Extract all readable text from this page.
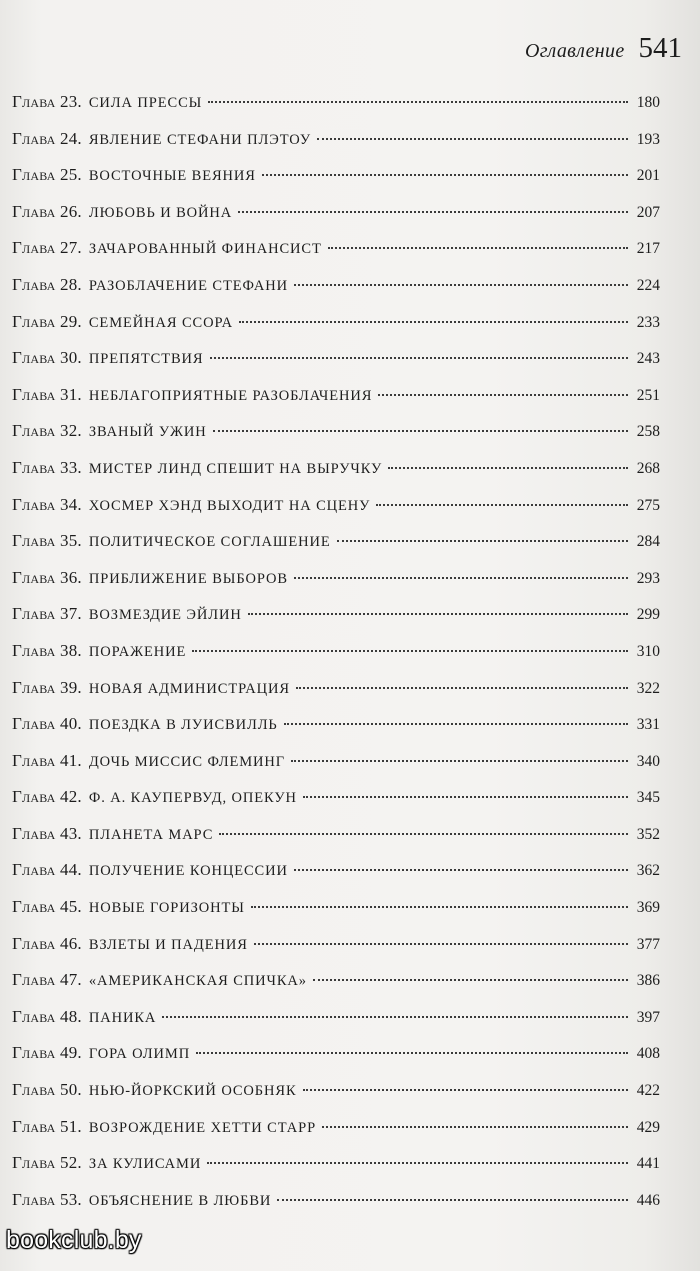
Оглавление 541
Глава 23. СИЛА ПРЕССЫ	180
Глава 24. ЯВЛЕНИЕ СТЕФАНИ ПЛЭТОУ	193
Глава 25. ВОСТОЧНЫЕ ВЕЯНИЯ	201
Глава 26. ЛЮБОВЬ И ВОЙНА	207
Глава 27. ЗАЧАРОВАННЫЙ ФИНАНСИСТ	217
Глава 28. РАЗОБЛАЧЕНИЕ СТЕФАНИ	224
Глава 29. СЕМЕЙНАЯ ССОРА	233
Глава 30. ПРЕПЯТСТВИЯ	243
Глава 31. НЕБЛАГОПРИЯТНЫЕ РАЗОБЛАЧЕНИЯ	251
Глава 32. ЗВАНЫЙ УЖИН	258
Глава 33. МИСТЕР ЛИНД СПЕШИТ НА ВЫРУЧКУ	268
Глава 34. ХОСМЕР ХЭНД ВЫХОДИТ НА СЦЕНУ	275
Глава 35. ПОЛИТИЧЕСКОЕ СОГЛАШЕНИЕ	284
Глава 36. ПРИБЛИЖЕНИЕ ВЫБОРОВ	293
Глава 37. ВОЗМЕЗДИЕ ЭЙЛИН	299
Глава 38. ПОРАЖЕНИЕ	310
Глава 39. НОВАЯ АДМИНИСТРАЦИЯ	322
Глава 40. ПОЕЗДКА В ЛУИСВИЛЛЬ	331
Глава 41. ДОЧЬ МИССИС ФЛЕМИНГ	340
Глава 42. Ф. А. КАУПЕРВУД, ОПЕКУН	345
Глава 43. ПЛАНЕТА МАРС	352
Глава 44. ПОЛУЧЕНИЕ КОНЦЕССИИ	362
Глава 45. НОВЫЕ ГОРИЗОНТЫ	369
Глава 46. ВЗЛЕТЫ И ПАДЕНИЯ	377
Глава 47. «АМЕРИКАНСКАЯ СПИЧКА»	386
Глава 48. ПАНИКА	397
Глава 49. ГОРА ОЛИМП	408
Глава 50. НЬЮ-ЙОРКСКИЙ ОСОБНЯК	422
Глава 51. ВОЗРОЖДЕНИЕ ХЕТТИ СТАРР	429
Глава 52. ЗА КУЛИСАМИ	441
Глава 53. ОБЪЯСНЕНИЕ В ЛЮБВИ	446
bookclub.by
